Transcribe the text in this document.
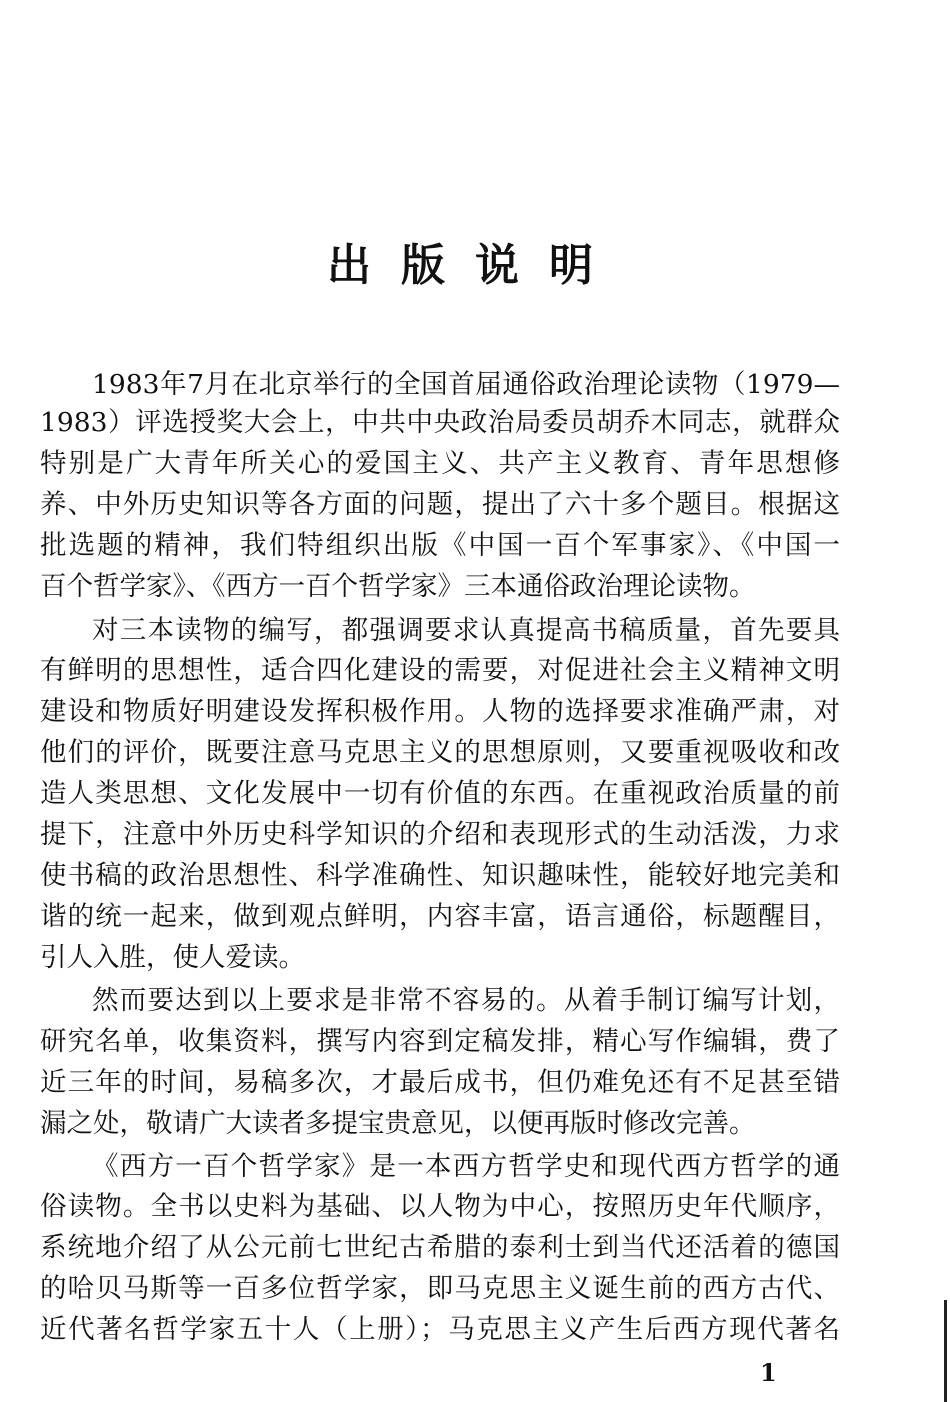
出版说明
1983年7月在北京举行的全国首届通俗政治理论读物（1979—
1983）评选授奖大会上，中共中央政治局委员胡乔木同志，就群众
特别是广大青年所关心的爱国主义、共产主义教育、青年思想修
养、中外历史知识等各方面的问题，提出了六十多个题目。根据这
批选题的精神，我们特组织出版《中国一百个军事家》、《中国一
百个哲学家》、《西方一百个哲学家》三本通俗政治理论读物。
对三本读物的编写，都强调要求认真提高书稿质量，首先要具
有鲜明的思想性，适合四化建设的需要，对促进社会主义精神文明
建设和物质好明建设发挥积极作用。人物的选择要求准确严肃，对
他们的评价，既要注意马克思主义的思想原则，又要重视吸收和改
造人类思想、文化发展中一切有价值的东西。在重视政治质量的前
提下，注意中外历史科学知识的介绍和表现形式的生动活泼，力求
使书稿的政治思想性、科学准确性、知识趣味性，能较好地完美和
谐的统一起来，做到观点鲜明，内容丰富，语言通俗，标题醒目，
引人入胜，使人爱读。
然而要达到以上要求是非常不容易的。从着手制订编写计划，
研究名单，收集资料，撰写内容到定稿发排，精心写作编辑，费了
近三年的时间，易稿多次，才最后成书，但仍难免还有不足甚至错
漏之处，敬请广大读者多提宝贵意见，以便再版时修改完善。
《西方一百个哲学家》是一本西方哲学史和现代西方哲学的通
俗读物。全书以史料为基础、以人物为中心，按照历史年代顺序，
系统地介绍了从公元前七世纪古希腊的泰利士到当代还活着的德国
的哈贝马斯等一百多位哲学家，即马克思主义诞生前的西方古代、
近代著名哲学家五十人（上册）；马克思主义产生后西方现代著名
1
